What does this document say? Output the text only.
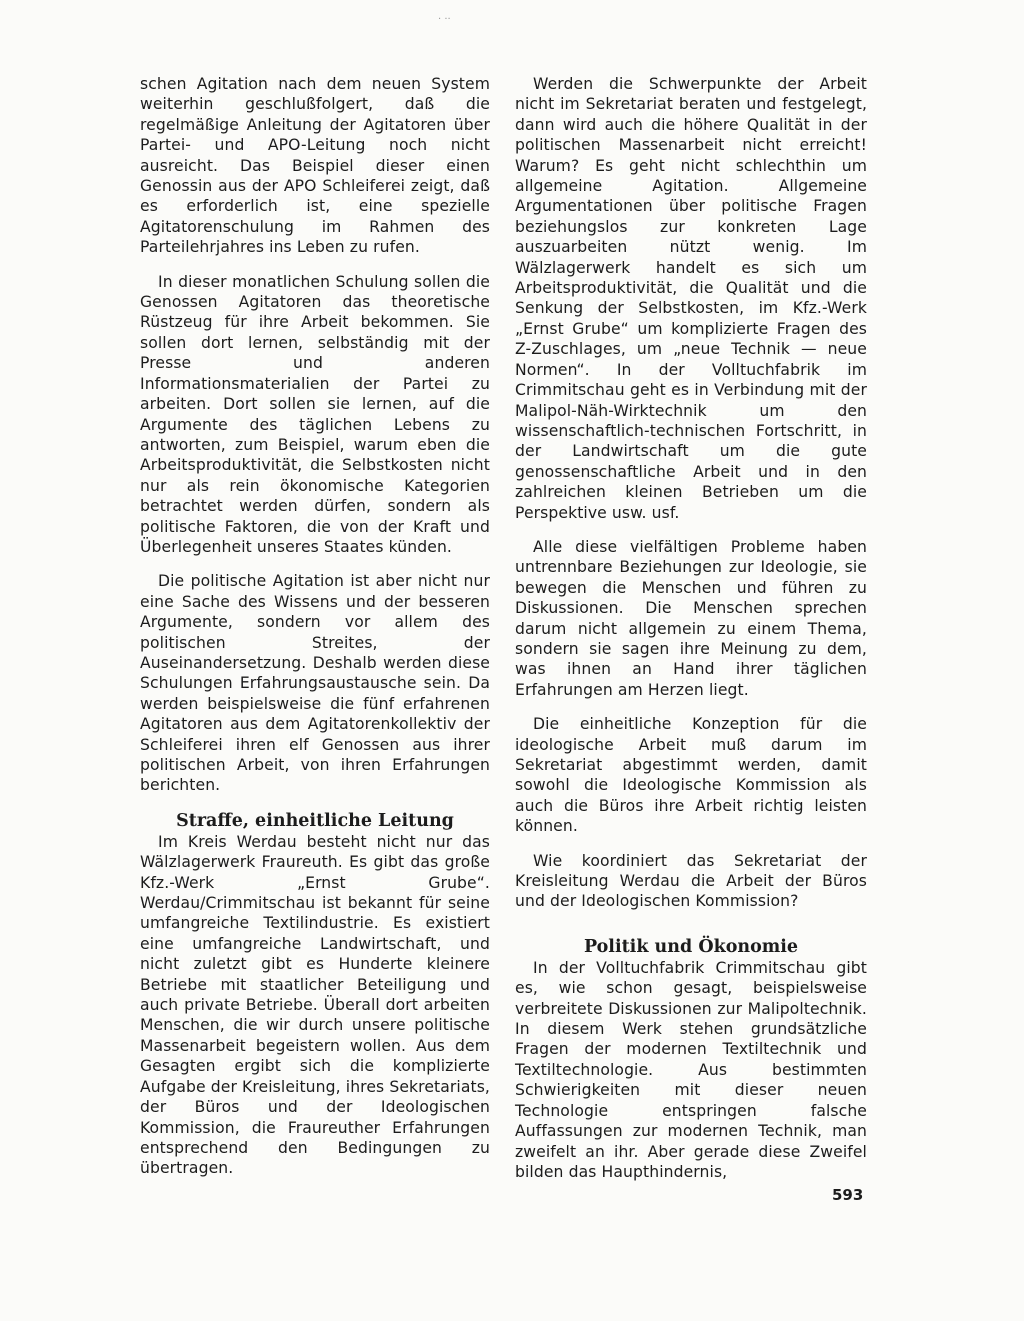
· ··

schen Agitation nach dem neuen System weiterhin geschlußfolgert, daß die regelmäßige Anleitung der Agitatoren über Partei- und APO-Leitung noch nicht ausreicht. Das Beispiel dieser einen Genossin aus der APO Schleiferei zeigt, daß es erforderlich ist, eine spezielle Agitatorenschulung im Rahmen des Parteilehrjahres ins Leben zu rufen.

In dieser monatlichen Schulung sollen die Genossen Agitatoren das theoretische Rüstzeug für ihre Arbeit bekommen. Sie sollen dort lernen, selbständig mit der Presse und anderen Informationsmaterialien der Partei zu arbeiten. Dort sollen sie lernen, auf die Argumente des täglichen Lebens zu antworten, zum Beispiel, warum eben die Arbeitsproduktivität, die Selbstkosten nicht nur als rein ökonomische Kategorien betrachtet werden dürfen, sondern als politische Faktoren, die von der Kraft und Überlegenheit unseres Staates künden.

Die politische Agitation ist aber nicht nur eine Sache des Wissens und der besseren Argumente, sondern vor allem des politischen Streites, der Auseinandersetzung. Deshalb werden diese Schulungen Erfahrungsaustausche sein. Da werden beispielsweise die fünf erfahrenen Agitatoren aus dem Agitatorenkollektiv der Schleiferei ihren elf Genossen aus ihrer politischen Arbeit, von ihren Erfahrungen berichten.

Straffe, einheitliche Leitung

Im Kreis Werdau besteht nicht nur das Wälzlagerwerk Fraureuth. Es gibt das große Kfz.-Werk „Ernst Grube“. Werdau/Crimmitschau ist bekannt für seine umfangreiche Textilindustrie. Es existiert eine umfangreiche Landwirtschaft, und nicht zuletzt gibt es Hunderte kleinere Betriebe mit staatlicher Beteiligung und auch private Betriebe. Überall dort arbeiten Menschen, die wir durch unsere politische Massenarbeit begeistern wollen. Aus dem Gesagten ergibt sich die komplizierte Aufgabe der Kreisleitung, ihres Sekretariats, der Büros und der Ideologischen Kommission, die Fraureuther Erfahrungen entsprechend den Bedingungen zu übertragen.

Werden die Schwerpunkte der Arbeit nicht im Sekretariat beraten und festgelegt, dann wird auch die höhere Qualität in der politischen Massenarbeit nicht erreicht! Warum? Es geht nicht schlechthin um allgemeine Agitation. Allgemeine Argumentationen über politische Fragen beziehungslos zur konkreten Lage auszuarbeiten nützt wenig. Im Wälzlagerwerk handelt es sich um Arbeitsproduktivität, die Qualität und die Senkung der Selbstkosten, im Kfz.-Werk „Ernst Grube“ um komplizierte Fragen des Z-Zuschlages, um „neue Technik — neue Normen“. In der Volltuchfabrik im Crimmitschau geht es in Verbindung mit der Malipol-Näh-Wirktechnik um den wissenschaftlich-technischen Fortschritt, in der Landwirtschaft um die gute genossenschaftliche Arbeit und in den zahlreichen kleinen Betrieben um die Perspektive usw. usf.

Alle diese vielfältigen Probleme haben untrennbare Beziehungen zur Ideologie, sie bewegen die Menschen und führen zu Diskussionen. Die Menschen sprechen darum nicht allgemein zu einem Thema, sondern sie sagen ihre Meinung zu dem, was ihnen an Hand ihrer täglichen Erfahrungen am Herzen liegt.

Die einheitliche Konzeption für die ideologische Arbeit muß darum im Sekretariat abgestimmt werden, damit sowohl die Ideologische Kommission als auch die Büros ihre Arbeit richtig leisten können.

Wie koordiniert das Sekretariat der Kreisleitung Werdau die Arbeit der Büros und der Ideologischen Kommission?

Politik und Ökonomie

In der Volltuchfabrik Crimmitschau gibt es, wie schon gesagt, beispielsweise verbreitete Diskussionen zur Malipoltechnik. In diesem Werk stehen grundsätzliche Fragen der modernen Textiltechnik und Textiltechnologie. Aus bestimmten Schwierigkeiten mit dieser neuen Technologie entspringen falsche Auffassungen zur modernen Technik, man zweifelt an ihr. Aber gerade diese Zweifel bilden das Haupthindernis,

593
